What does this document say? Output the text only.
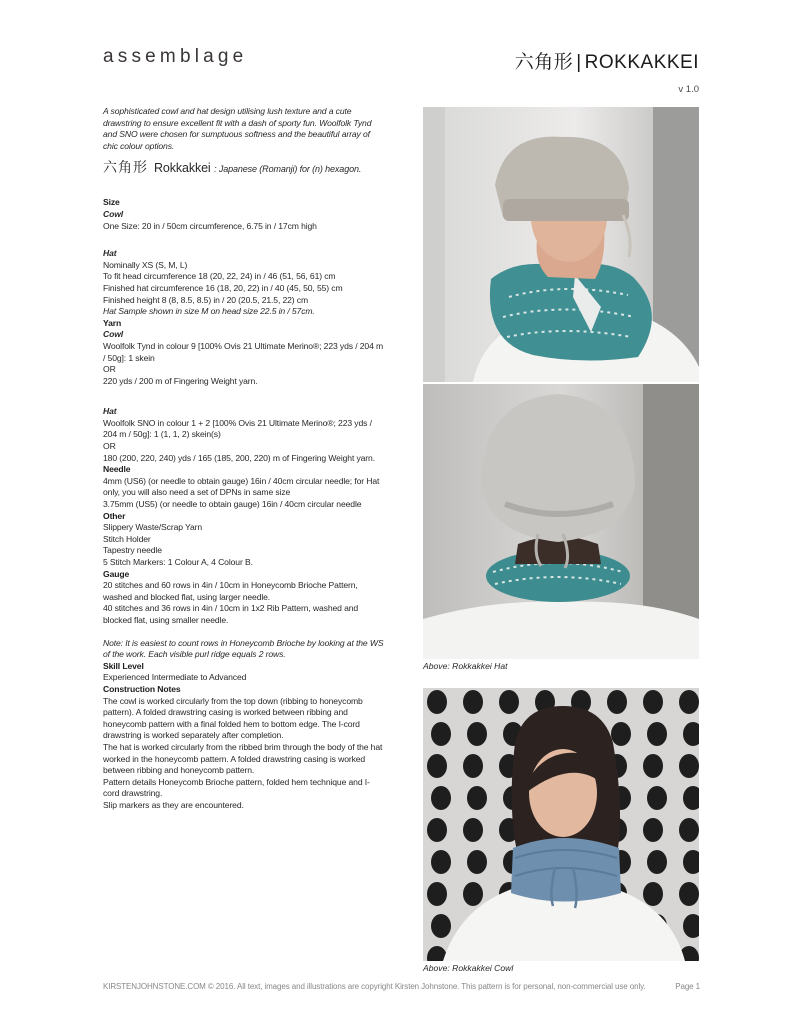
assemblage	六角形 | ROKKAKKEI
v 1.0

A sophisticated cowl and hat design utilising lush texture and a cute drawstring to ensure excellent fit with a dash of sporty fun. Woolfolk Tynd and SNO were chosen for sumptuous softness and the beautiful array of chic colour options.

六角形 Rokkakkei : Japanese (Romanji) for (n) hexagon.

Size

Cowl

One Size: 20 in / 50cm circumference, 6.75 in / 17cm high

Hat

Nominally XS (S, M, L)

To fit head circumference 18 (20, 22, 24) in / 46 (51, 56, 61) cm

Finished hat circumference 16 (18, 20, 22) in / 40 (45, 50, 55) cm

Finished height 8 (8, 8.5, 8.5) in / 20 (20.5, 21.5, 22) cm

Hat Sample shown in size M on head size 22.5 in / 57cm.

Yarn

Cowl

Woolfolk Tynd in colour 9 [100% Ovis 21 Ultimate Merino®; 223 yds / 204 m / 50g]: 1 skein

OR

220 yds / 200 m of Fingering Weight yarn.

Hat

Woolfolk SNO in colour 1 + 2 [100% Ovis 21 Ultimate Merino®; 223 yds / 204 m / 50g]: 1 (1, 1, 2) skein(s)

OR

180 (200, 220, 240) yds / 165 (185, 200, 220) m of Fingering Weight yarn.

Needle

4mm (US6) (or needle to obtain gauge) 16in / 40cm circular needle; for Hat only, you will also need a set of DPNs in same size

3.75mm (US5) (or needle to obtain gauge) 16in / 40cm circular needle

Other

Slippery Waste/Scrap Yarn

Stitch Holder

Tapestry needle

5 Stitch Markers: 1 Colour A, 4 Colour B.

Gauge

20 stitches and 60 rows in 4in / 10cm in Honeycomb Brioche Pattern, washed and blocked flat, using larger needle.

40 stitches and 36 rows in 4in / 10cm in 1x2 Rib Pattern, washed and blocked flat, using smaller needle.

Note: It is easiest to count rows in Honeycomb Brioche by looking at the WS of the work. Each visible purl ridge equals 2 rows.

Skill Level

Experienced Intermediate to Advanced

Construction Notes

The cowl is worked circularly from the top down (ribbing to honeycomb pattern). A folded drawstring casing is worked between ribbing and honeycomb pattern with a final folded hem to bottom edge. The I-cord drawstring is worked separately after completion.

The hat is worked circularly from the ribbed brim through the body of the hat worked in the honeycomb pattern. A folded drawstring casing is worked between ribbing and honeycomb pattern.

Pattern details Honeycomb Brioche pattern, folded hem technique and I-cord drawstring.

Slip markers as they are encountered.

Above: Rokkakkei Hat
Above: Rokkakkei Cowl
KIRSTENJOHNSTONE.COM © 2016. All text, images and illustrations are copyright Kirsten Johnstone. This pattern is for personal, non-commercial use only.	Page 1
